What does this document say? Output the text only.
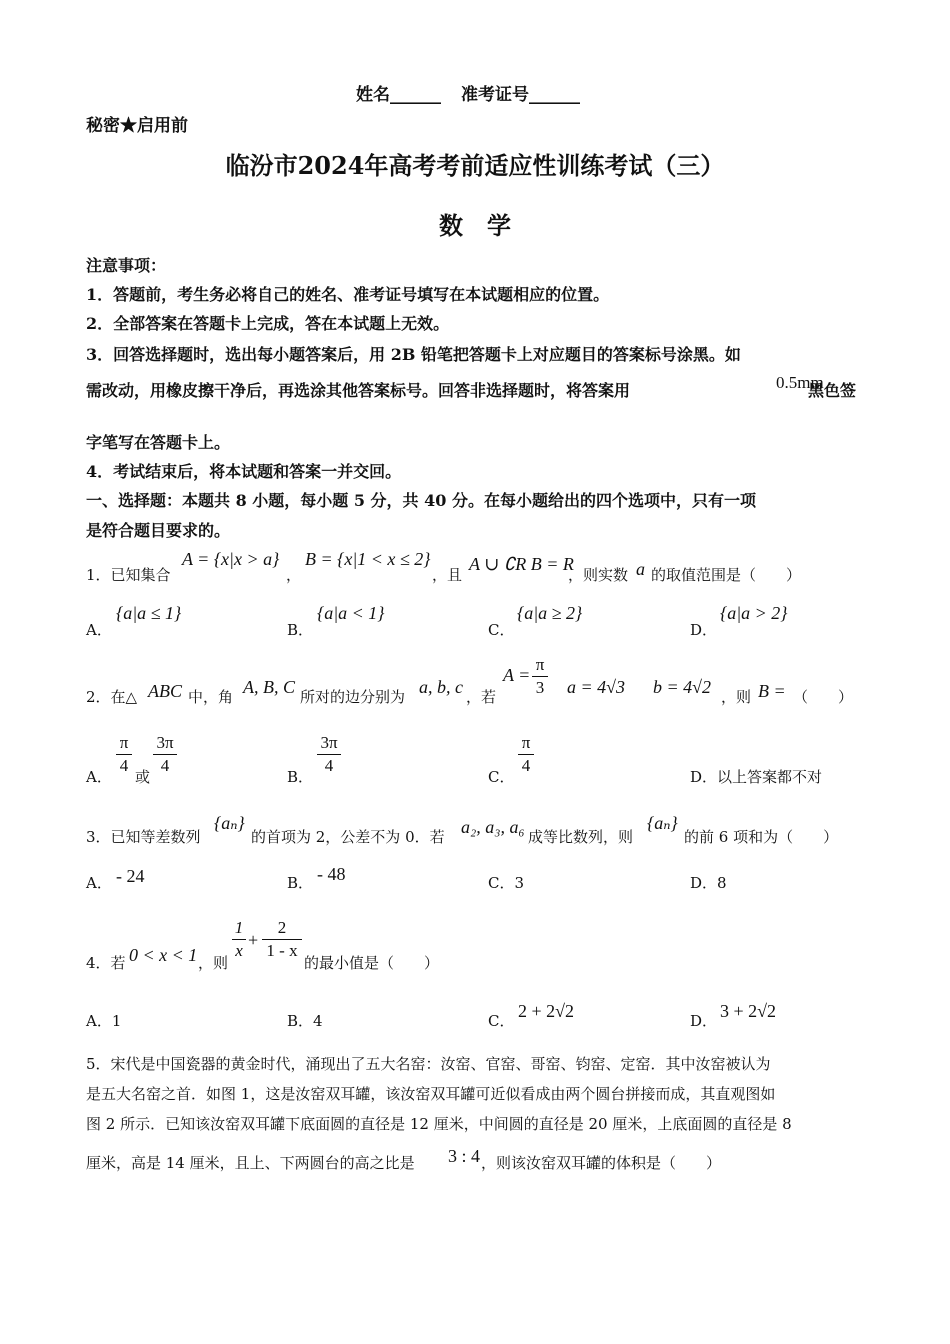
姓名______ 准考证号______
秘密★启用前
临汾市2024年高考考前适应性训练考试（三）
数　学
注意事项：
1．答题前，考生务必将自己的姓名、准考证号填写在本试题相应的位置。
2．全部答案在答题卡上完成，答在本试题上无效。
3．回答选择题时，选出每小题答案后，用 2B 铅笔把答题卡上对应题目的答案标号涂黑。如
需改动，用橡皮擦干净后，再选涂其他答案标号。回答非选择题时，将答案用	0.5mm
黑色签
字笔写在答题卡上。
4．考试结束后，将本试题和答案一并交回。
一、选择题：本题共 8 小题，每小题 5 分，共 40 分。在每小题给出的四个选项中，只有一项
是符合题目要求的。
1．已知集合
A = {x|x > a}
，
B = {x|1 < x ≤ 2}
，且
A ∪ ∁R B = R
，则实数 a 的取值范围是（　　）
A．
{a|a ≤ 1}
B．
{a|a < 1}
C．
{a|a ≥ 2}
D．
{a|a > 2}
2．在△ ABC 中，角 A, B, C 所对的边分别为 a, b, c ，若
A =
π
3 a = 4√3 b = 4√2 ，则 B = （　　）
A．
π
4
或
3π
4
B．
3π
4
C．
π
4
D．以上答案都不对
3．已知等差数列
{aₙ}
的首项为 2，公差不为 0．若 a₂, a₃, a₆ 成等比数列，则
{aₙ}
的前 6 项和为（　　）
A． - 24	B． - 48	C．3	D．8
4．若 0 < x < 1 ，则
1
x
+
2
1 - x
的最小值是（　　）
A．1	B．4	C． 2 + 2√2	D． 3 + 2√2
5．宋代是中国瓷器的黄金时代，涌现出了五大名窑：汝窑、官窑、哥窑、钧窑、定窑．其中汝窑被认为
是五大名窑之首．如图 1，这是汝窑双耳罐，该汝窑双耳罐可近似看成由两个圆台拼接而成，其直观图如
图 2 所示．已知该汝窑双耳罐下底面圆的直径是 12 厘米，中间圆的直径是 20 厘米，上底面圆的直径是 8
厘米，高是 14 厘米，且上、下两圆台的高之比是 3 : 4 ，则该汝窑双耳罐的体积是（　　）
